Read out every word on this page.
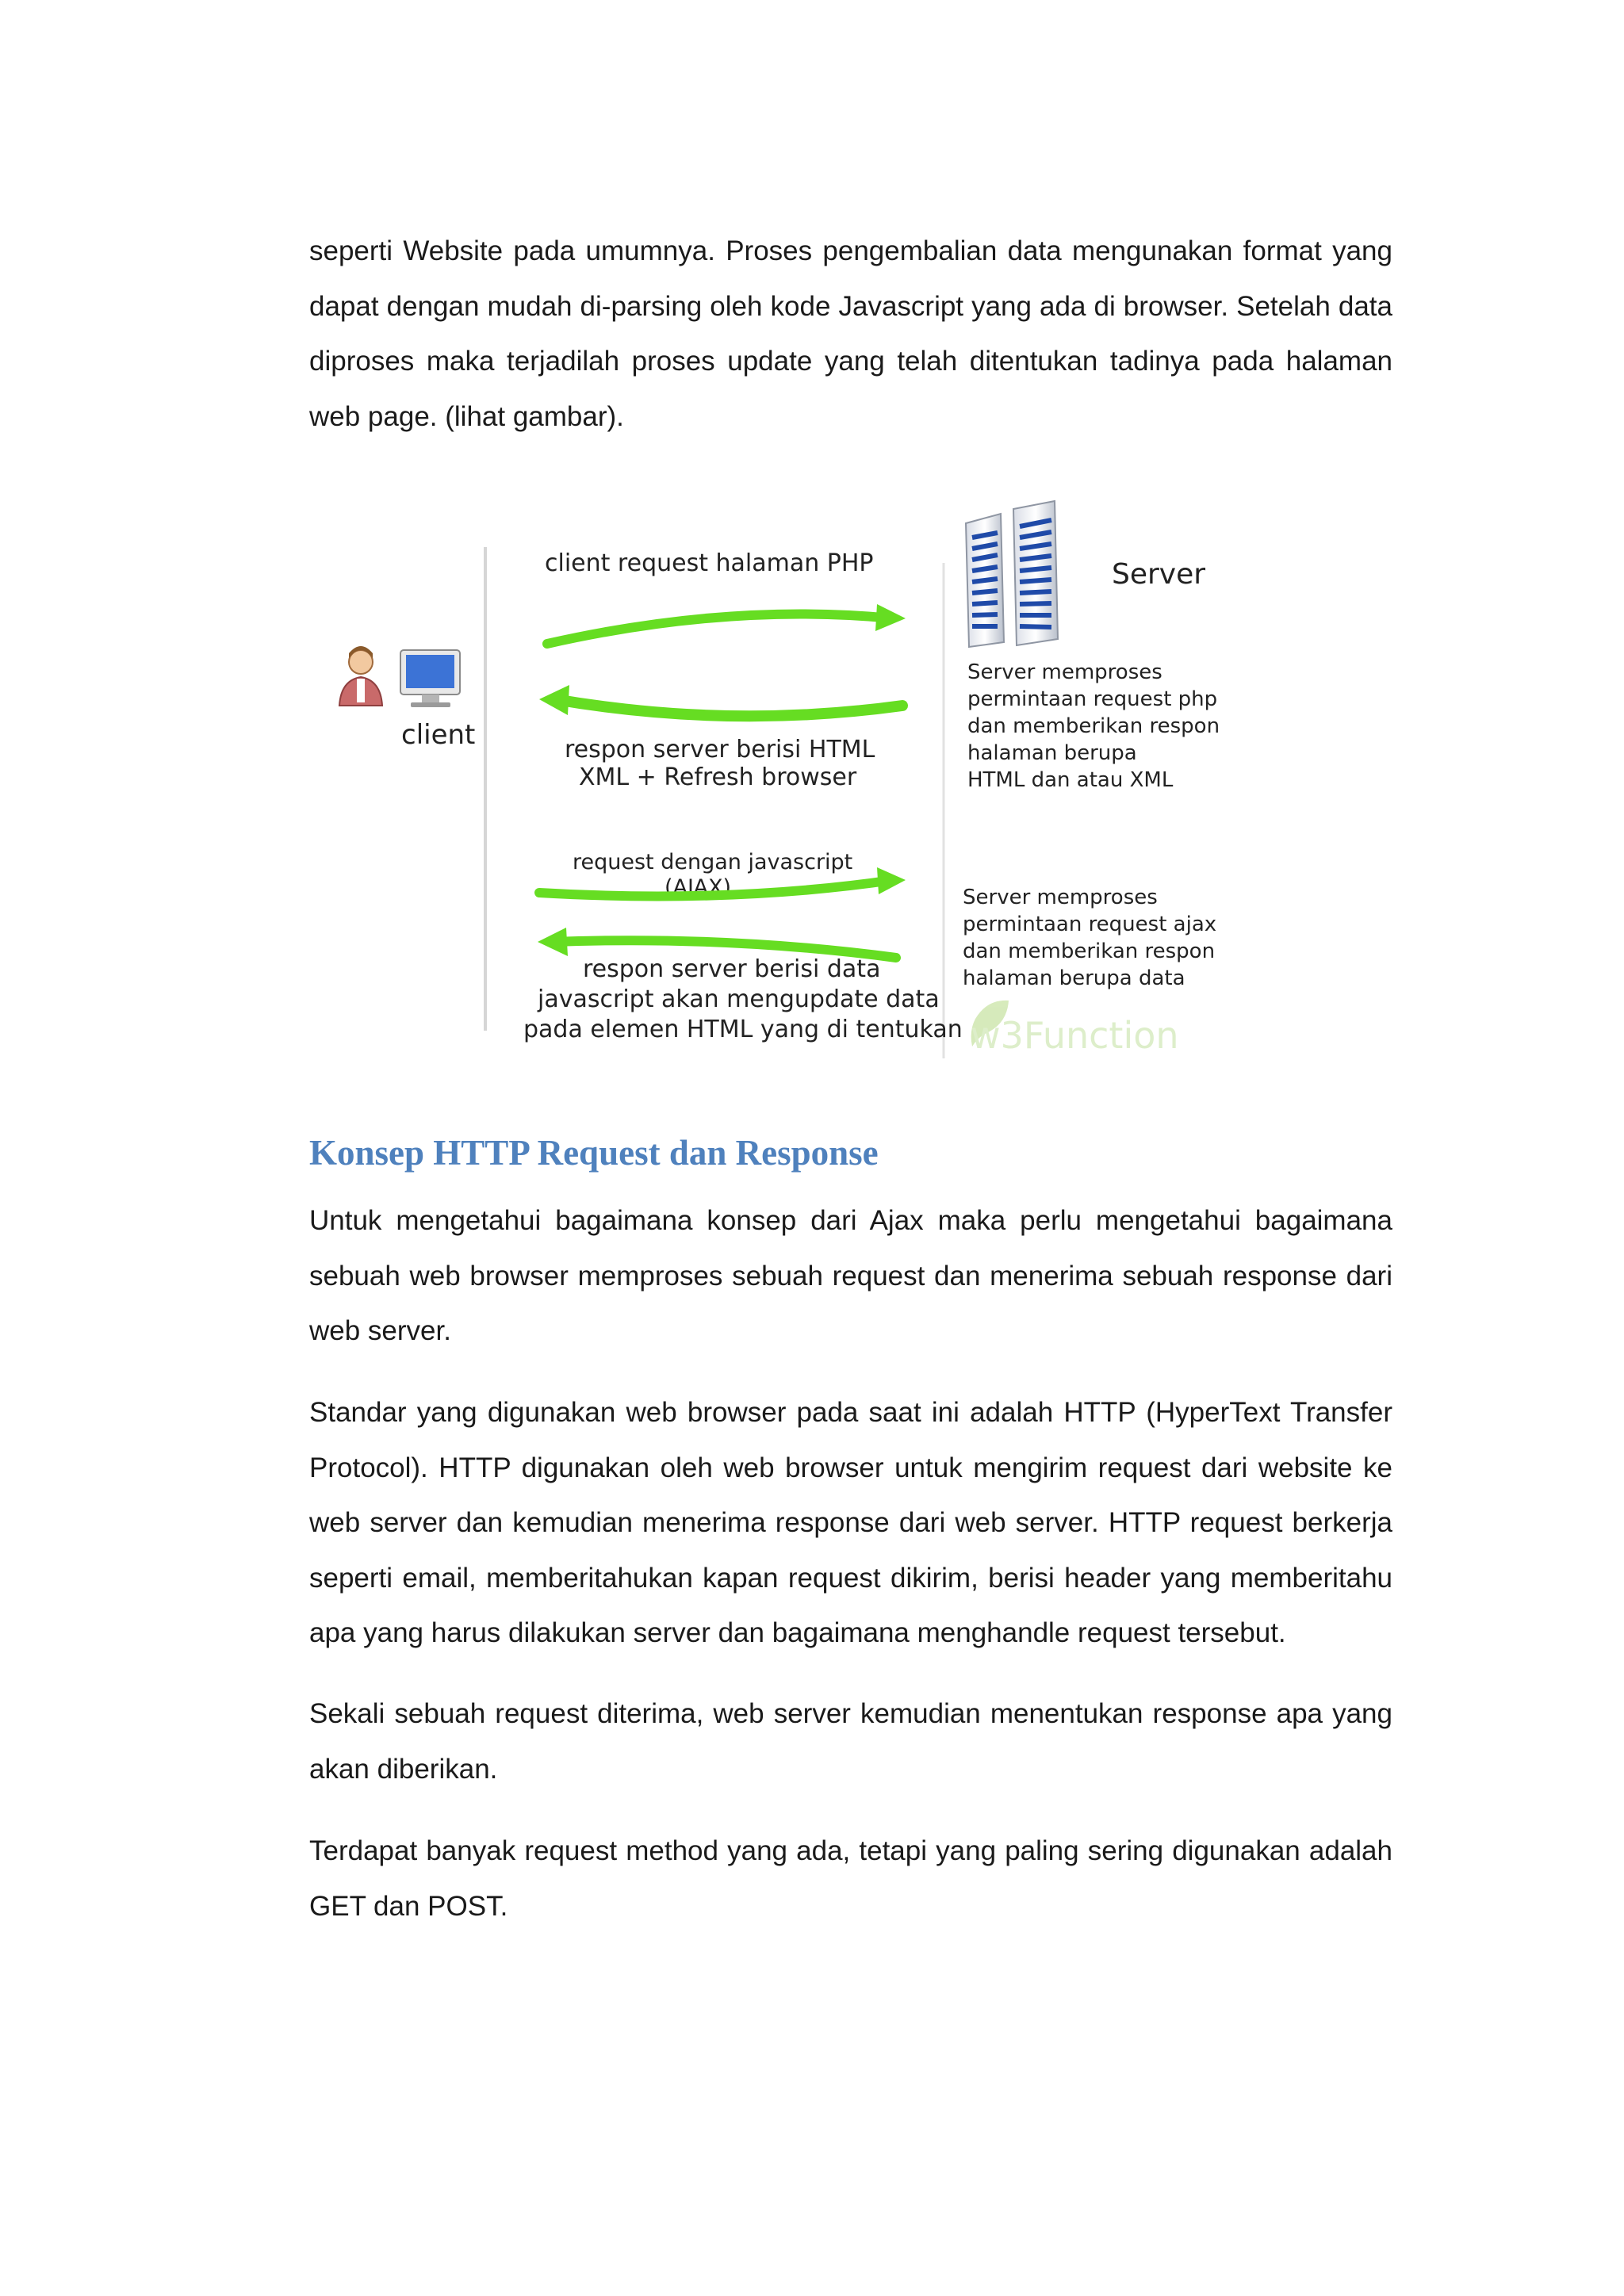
seperti Website pada umumnya. Proses pengembalian data mengunakan format yang dapat dengan mudah di-parsing oleh kode Javascript yang ada di browser. Setelah data diproses maka terjadilah proses update yang telah ditentukan tadinya pada halaman web page. (lihat gambar).

client
Server
client request halaman PHP
respon server berisi HTML
XML + Refresh browser
Server memproses permintaan request php dan memberikan respon halaman berupa HTML dan atau XML
request dengan javascript
(AJAX)
respon server berisi data
javascript akan mengupdate data
pada elemen HTML yang di tentukan
Server memproses permintaan request ajax dan memberikan respon halaman berupa data
w3Function
Konsep HTTP Request dan Response

Untuk mengetahui bagaimana konsep dari Ajax maka perlu mengetahui bagaimana sebuah web browser memproses sebuah request dan menerima sebuah response dari web server.

Standar yang digunakan web browser pada saat ini adalah HTTP (HyperText Transfer Protocol). HTTP digunakan oleh web browser untuk mengirim request dari website ke web server dan kemudian menerima response dari web server. HTTP request berkerja seperti email, memberitahukan kapan request dikirim, berisi header yang memberitahu apa yang harus dilakukan server dan bagaimana menghandle request tersebut.

Sekali sebuah request diterima, web server kemudian menentukan response apa yang akan diberikan.

Terdapat banyak request method yang ada, tetapi yang paling sering digunakan adalah GET dan POST.
